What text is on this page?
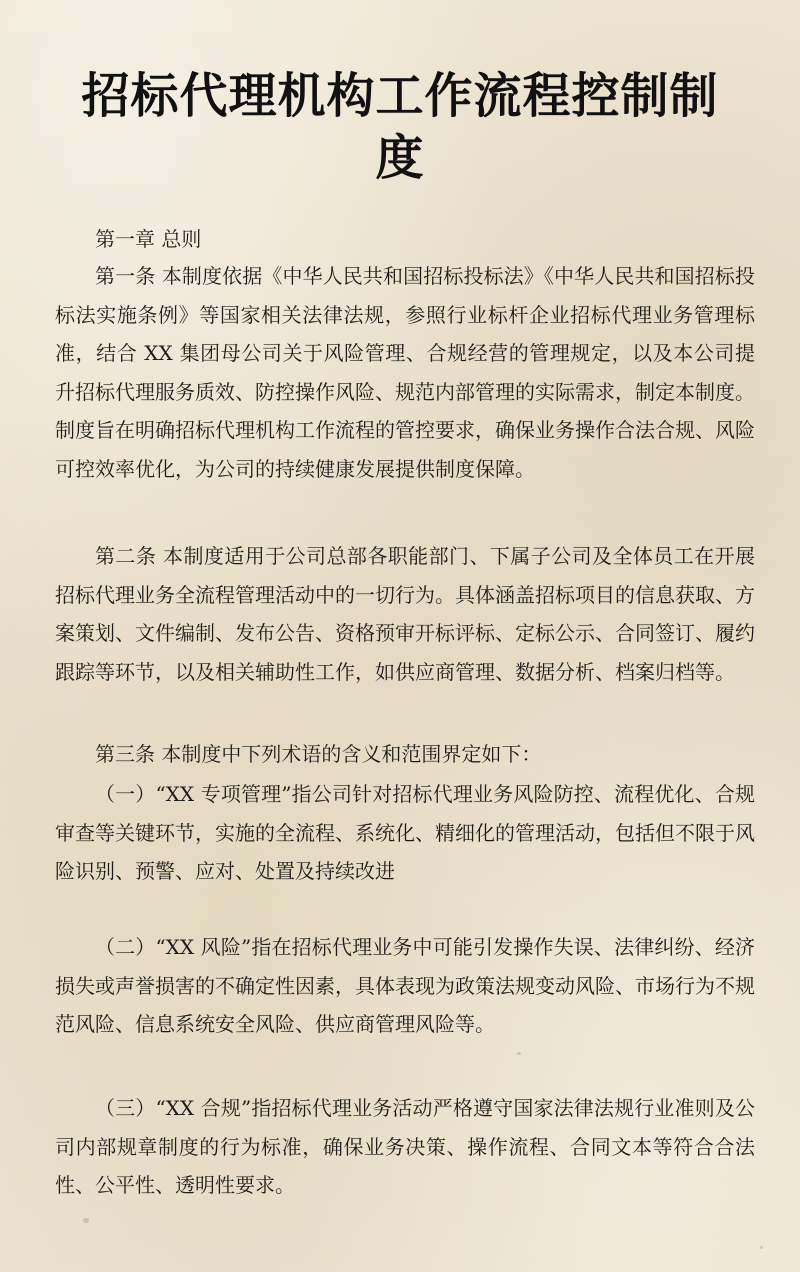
招标代理机构工作流程控制制
度

第一章 总则

第一条 本制度依据《中华人民共和国招标投标法》《中华人民共和国招标投标法实施条例》等国家相关法律法规，参照行业标杆企业招标代理业务管理标准，结合 XX 集团母公司关于风险管理、合规经营的管理规定，以及本公司提升招标代理服务质效、防控操作风险、规范内部管理的实际需求，制定本制度。制度旨在明确招标代理机构工作流程的管控要求，确保业务操作合法合规、风险可控效率优化，为公司的持续健康发展提供制度保障。

第二条 本制度适用于公司总部各职能部门、下属子公司及全体员工在开展招标代理业务全流程管理活动中的一切行为。具体涵盖招标项目的信息获取、方案策划、文件编制、发布公告、资格预审开标评标、定标公示、合同签订、履约跟踪等环节，以及相关辅助性工作，如供应商管理、数据分析、档案归档等。

第三条 本制度中下列术语的含义和范围界定如下：

（一）“XX 专项管理”指公司针对招标代理业务风险防控、流程优化、合规审查等关键环节，实施的全流程、系统化、精细化的管理活动，包括但不限于风险识别、预警、应对、处置及持续改进

（二）“XX 风险”指在招标代理业务中可能引发操作失误、法律纠纷、经济损失或声誉损害的不确定性因素，具体表现为政策法规变动风险、市场行为不规范风险、信息系统安全风险、供应商管理风险等。

（三）“XX 合规”指招标代理业务活动严格遵守国家法律法规行业准则及公司内部规章制度的行为标准，确保业务决策、操作流程、合同文本等符合合法性、公平性、透明性要求。
